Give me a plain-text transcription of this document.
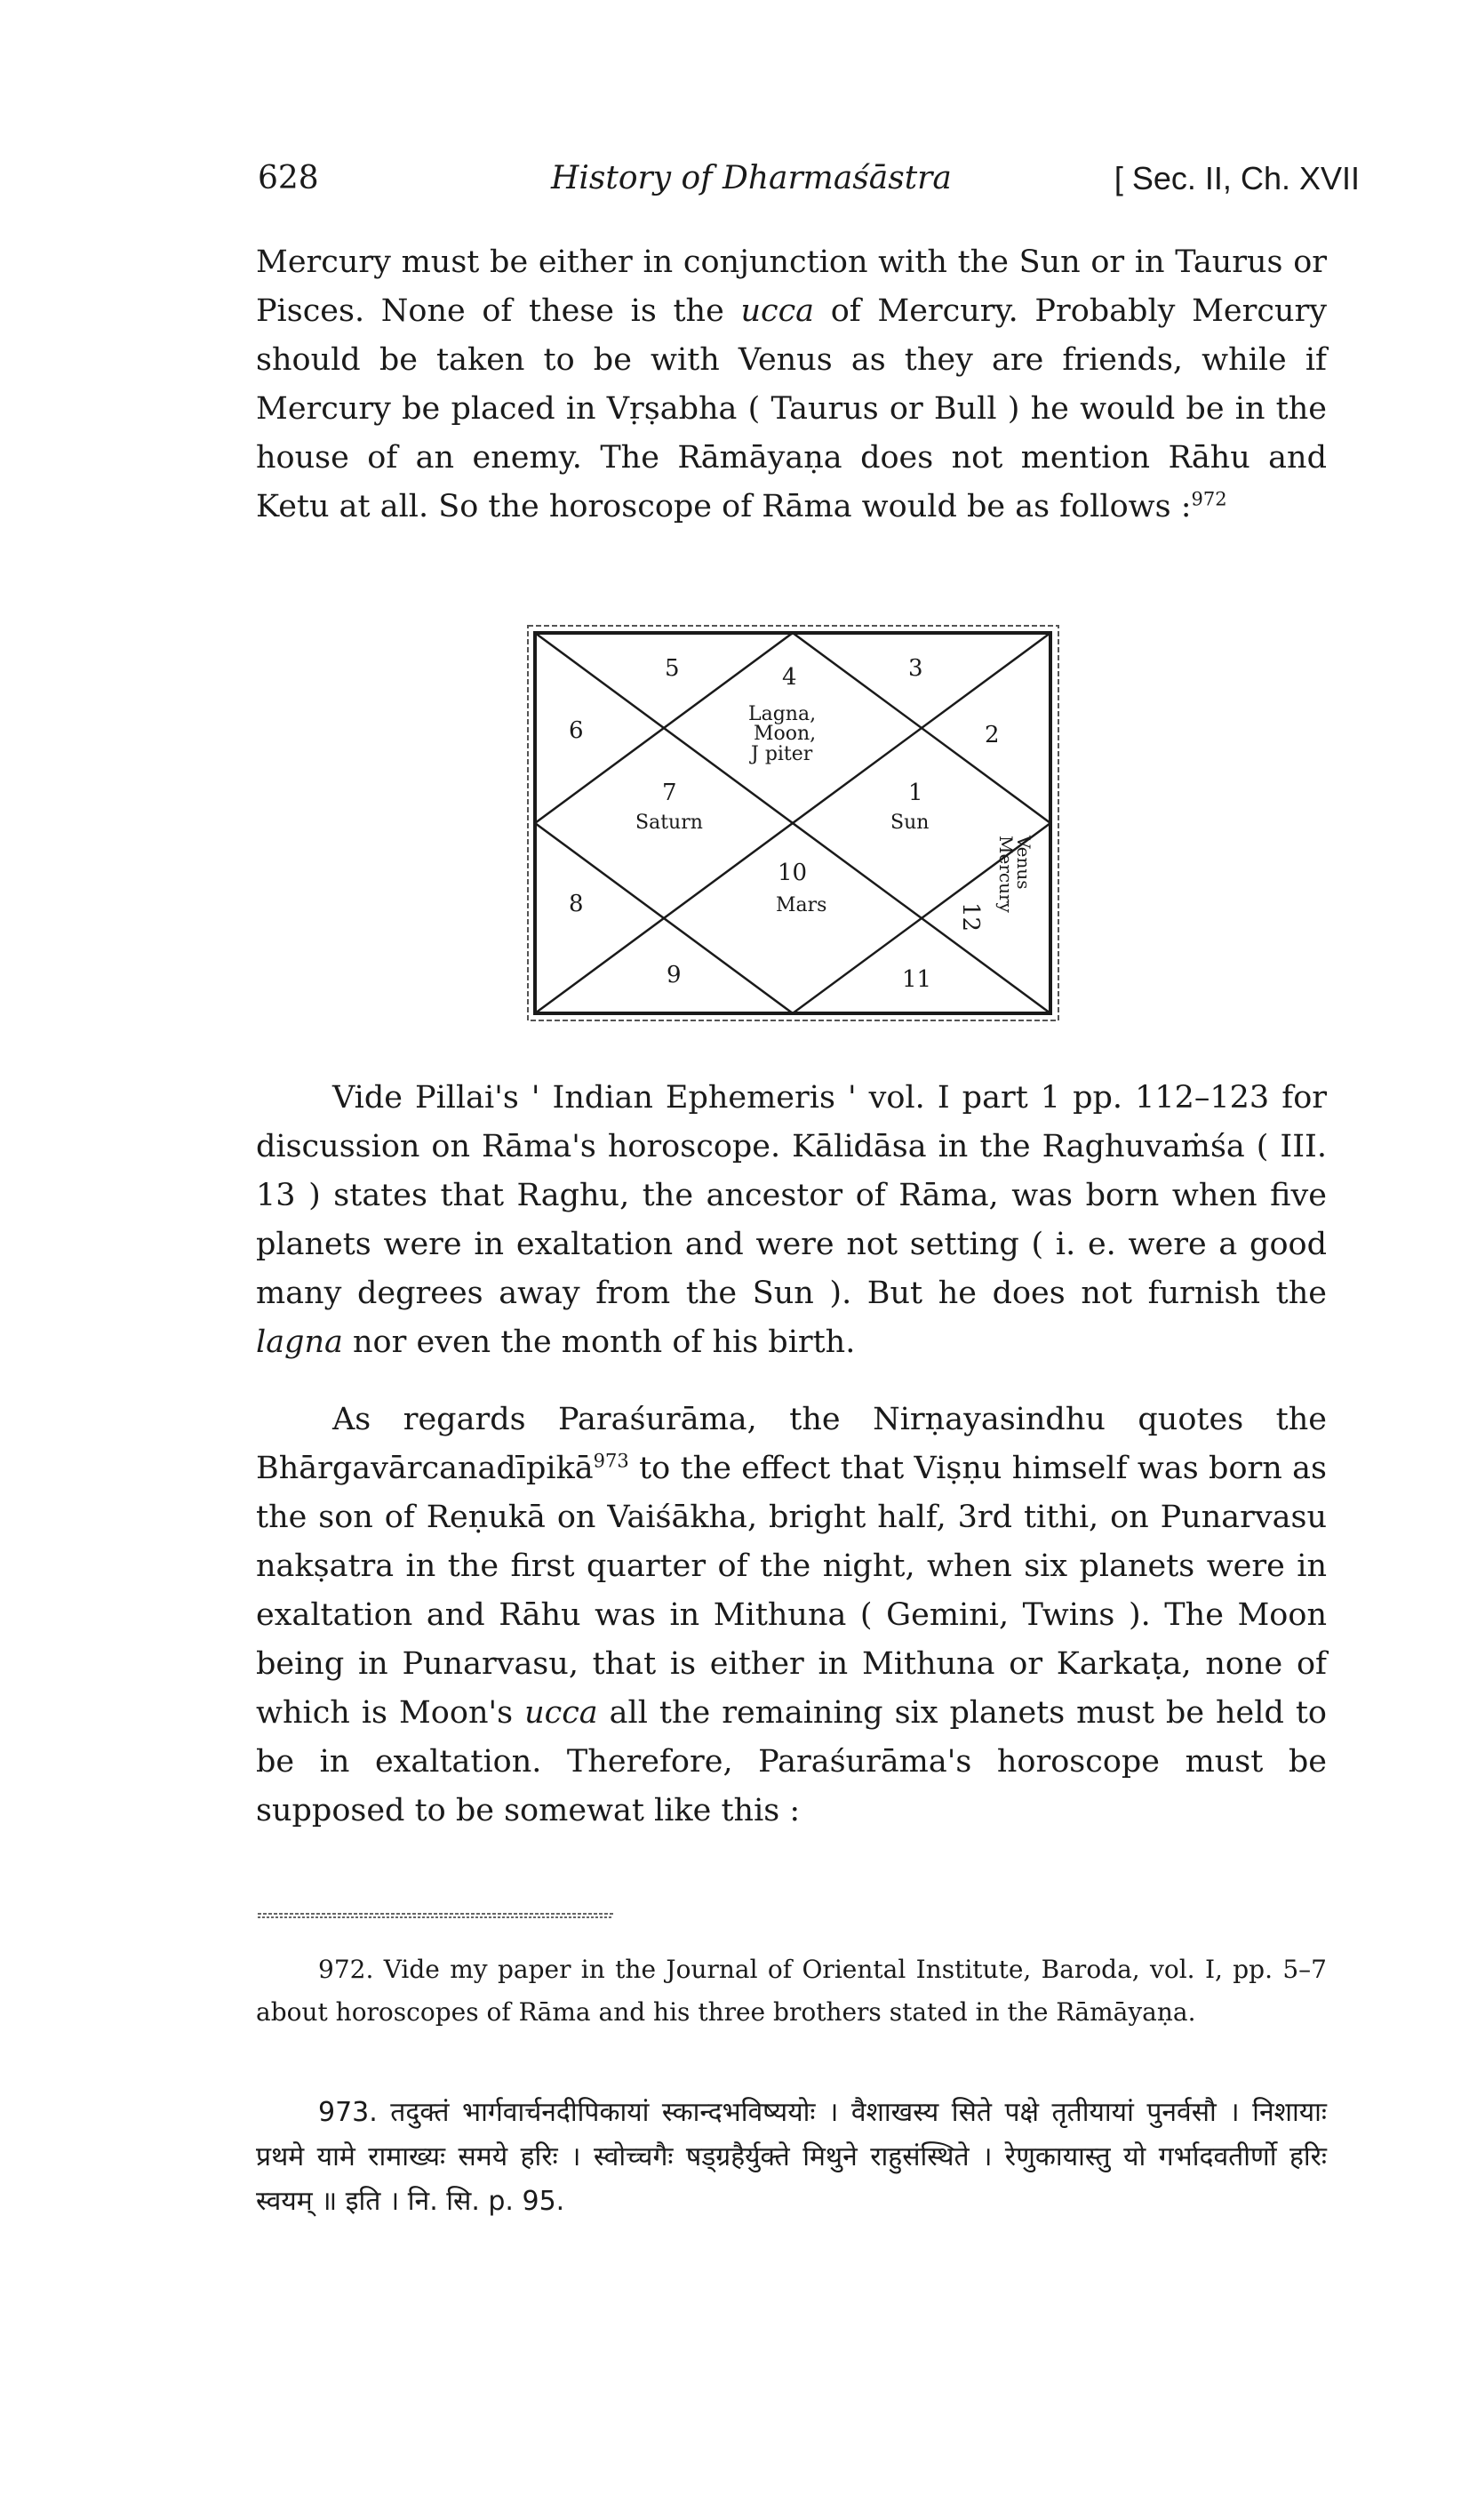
628	History of Dharmaśāstra	[ Sec. II, Ch. XVII

Mercury must be either in conjunction with the Sun or in Taurus or Pisces. None of these is the ucca of Mercury. Probably Mercury should be taken to be with Venus as they are friends, while if Mercury be placed in Vṛṣabha ( Taurus or Bull ) he would be in the house of an enemy. The Rāmāyaṇa does not mention Rāhu and Ketu at all. So the horoscope of Rāma would be as follows :$^{972}$

4
Lagna,
Moon,
J piter
5	3
6	2
7
Saturn
1
Sun
10
Mars
8	12
Venus
Mercury
9	11

Vide Pillai's ' Indian Ephemeris ' vol. I part 1 pp. 112–123 for discussion on Rāma's horoscope. Kālidāsa in the Raghuvaṁśa ( III. 13 ) states that Raghu, the ancestor of Rāma, was born when five planets were in exaltation and were not setting ( i. e. were a good many degrees away from the Sun ). But he does not furnish the lagna nor even the month of his birth.

As regards Paraśurāma, the Nirṇayasindhu quotes the Bhārgavārcanadīpikā$^{973}$ to the effect that Viṣṇu himself was born as the son of Reṇukā on Vaiśākha, bright half, 3rd tithi, on Punarvasu nakṣatra in the first quarter of the night, when six planets were in exaltation and Rāhu was in Mithuna ( Gemini, Twins ). The Moon being in Punarvasu, that is either in Mithuna or Karkaṭa, none of which is Moon's ucca all the remaining six planets must be held to be in exaltation. Therefore, Paraśurāma's horoscope must be supposed to be somewat like this :

972. Vide my paper in the Journal of Oriental Institute, Baroda, vol. I, pp. 5–7 about horoscopes of Rāma and his three brothers stated in the Rāmāyaṇa.

973. तदुक्तं भार्गवार्चनदीपिकायां स्कान्दभविष्ययोः । वैशाखस्य सिते पक्षे तृतीयायां पुनर्वसौ । निशायाः प्रथमे यामे रामाख्यः समये हरिः । स्वोच्चगैः षड्ग्रहैर्युक्ते मिथुने राहुसंस्थिते । रेणुकायास्तु यो गर्भादवतीर्णो हरिः स्वयम् ॥ इति । नि. सि. p. 95.
